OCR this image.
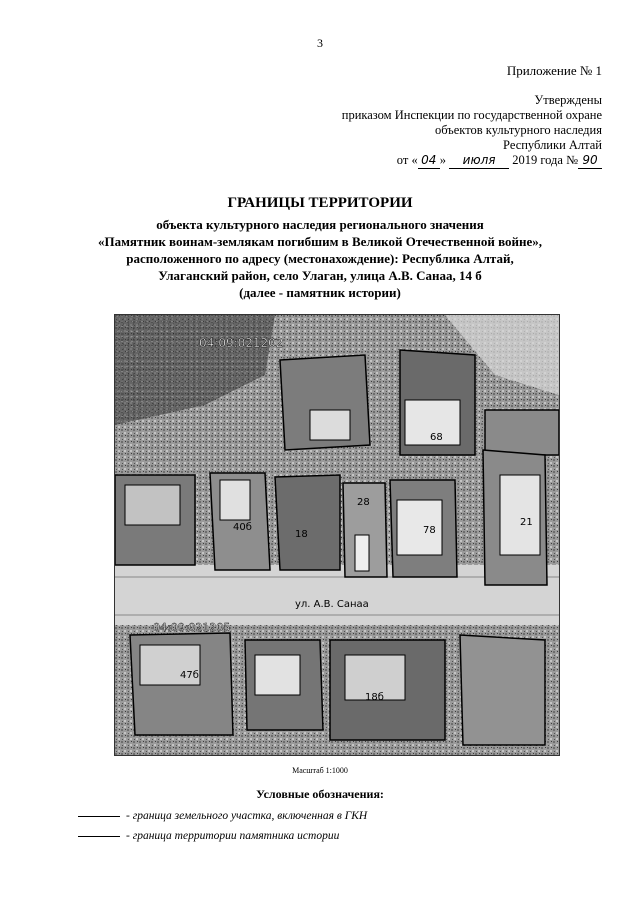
3
Приложение № 1
Утверждены
приказом Инспекции по государственной охране
объектов культурного наследия
Республики Алтай
от « 04 » июля 2019 года № 90
ГРАНИЦЫ ТЕРРИТОРИИ
объекта культурного наследия регионального значения
«Памятник воинам-землякам погибшим в Великой Отечественной войне»,
расположенного по адресу (местонахождение): Республика Алтай,
Улаганский район, село Улаган, улица А.В. Санаа, 14 б
(далее - памятник истории)
04:09:021202
04:09:021205
ул. А.В. Санаа
68
40б
18	78
21
47б
18б
28
Масштаб 1:1000
Условные обозначения:
- граница земельного участка, включенная в ГКН
- граница территории памятника истории
